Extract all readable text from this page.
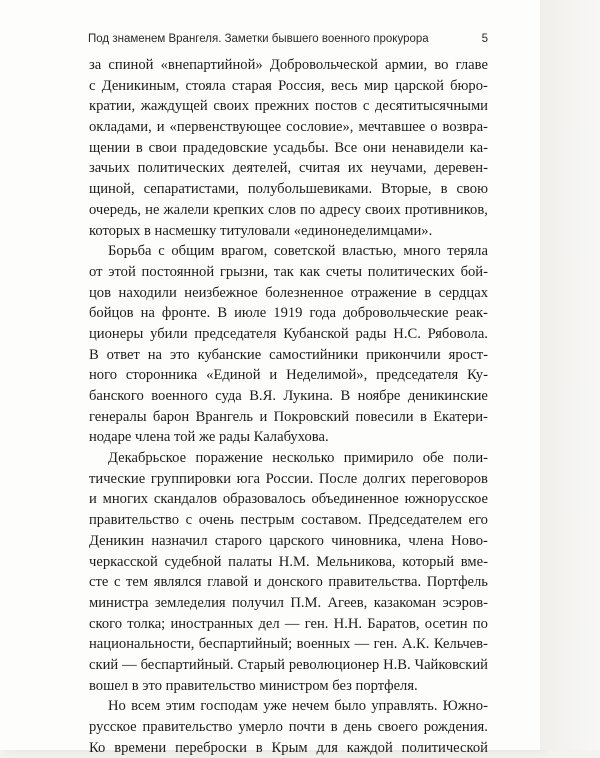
Под знаменем Врангеля. Заметки бывшего военного прокурора	5
за спиной «внепартийной» Добровольческой армии, во главе
с Деникиным, стояла старая Россия, весь мир царской бюро-
кратии, жаждущей своих прежних постов с десятитысячными
окладами, и «первенствующее сословие», мечтавшее о возвра-
щении в свои прадедовские усадьбы. Все они ненавидели ка-
зачьих политических деятелей, считая их неучами, деревен-
щиной, сепаратистами, полубольшевиками. Вторые, в свою
очередь, не жалели крепких слов по адресу своих противников,
которых в насмешку титуловали «единонеделимцами».
Борьба с общим врагом, советской властью, много теряла
от этой постоянной грызни, так как счеты политических бой-
цов находили неизбежное болезненное отражение в сердцах
бойцов на фронте. В июле 1919 года добровольческие реак-
ционеры убили председателя Кубанской рады Н.С. Рябовола.
В ответ на это кубанские самостийники прикончили ярост-
ного сторонника «Единой и Неделимой», председателя Ку-
банского военного суда В.Я. Лукина. В ноябре деникинские
генералы барон Врангель и Покровский повесили в Екатери-
нодаре члена той же рады Калабухова.
Декабрьское поражение несколько примирило обе поли-
тические группировки юга России. После долгих переговоров
и многих скандалов образовалось объединенное южнорусское
правительство с очень пестрым составом. Председателем его
Деникин назначил старого царского чиновника, члена Ново-
черкасской судебной палаты Н.М. Мельникова, который вме-
сте с тем являлся главой и донского правительства. Портфель
министра земледелия получил П.М. Агеев, казакоман эсэров-
ского толка; иностранных дел — ген. Н.Н. Баратов, осетин по
национальности, беспартийный; военных — ген. А.К. Кельчев-
ский — беспартийный. Старый революционер Н.В. Чайковский
вошел в это правительство министром без портфеля.
Но всем этим господам уже нечем было управлять. Южно-
русское правительство умерло почти в день своего рождения.
Ко времени переброски в Крым для каждой политической
